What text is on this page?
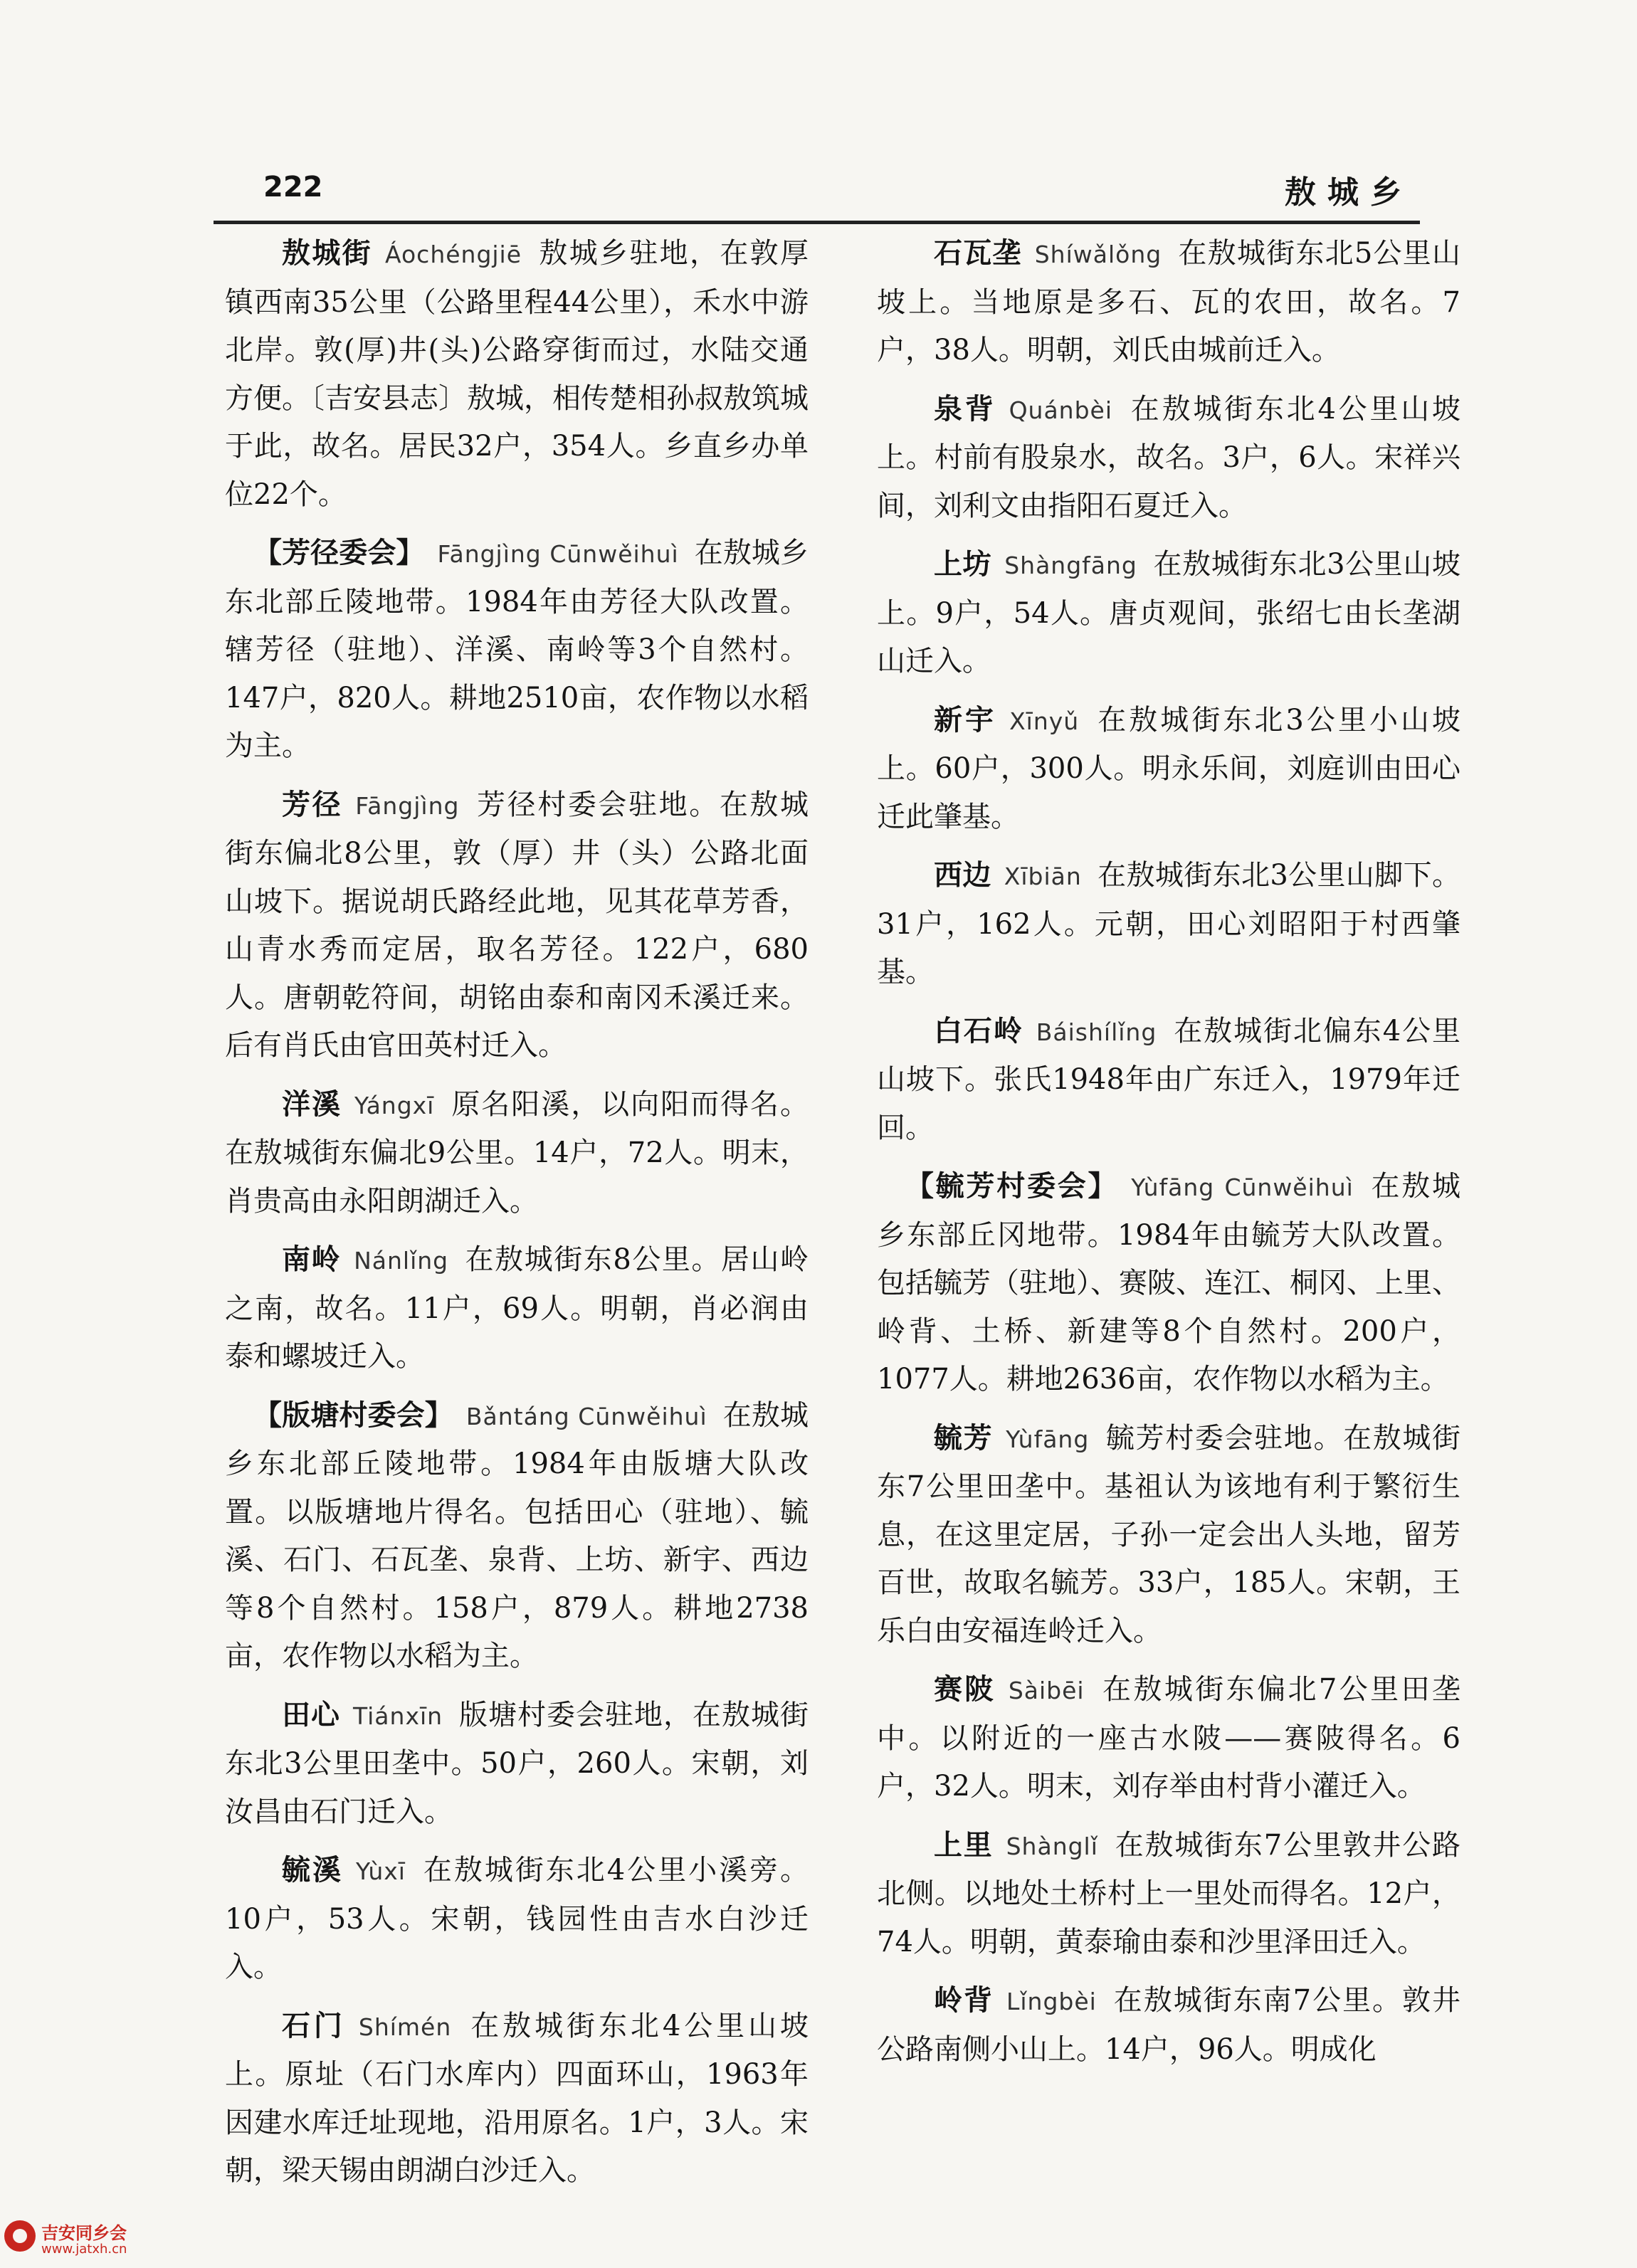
222	敖城乡

敖城街 Áochéngjiē 敖城乡驻地，在敦厚镇西南35公里（公路里程44公里），禾水中游北岸。敦(厚)井(头)公路穿街而过，水陆交通方便。〔吉安县志〕敖城，相传楚相孙叔敖筑城于此，故名。居民32户，354人。乡直乡办单位22个。

【芳径委会】 Fāngjìng Cūnwěihuì 在敖城乡东北部丘陵地带。1984年由芳径大队改置。辖芳径（驻地）、洋溪、南岭等3个自然村。147户，820人。耕地2510亩，农作物以水稻为主。

芳径 Fāngjìng 芳径村委会驻地。在敖城街东偏北8公里，敦（厚）井（头）公路北面山坡下。据说胡氏路经此地，见其花草芳香，山青水秀而定居，取名芳径。122户，680人。唐朝乾符间，胡铭由泰和南冈禾溪迁来。后有肖氏由官田英村迁入。

洋溪 Yángxī 原名阳溪，以向阳而得名。在敖城街东偏北9公里。14户，72人。明末，肖贵高由永阳朗湖迁入。

南岭 Nánlǐng 在敖城街东8公里。居山岭之南，故名。11户，69人。明朝，肖必润由泰和螺坡迁入。

【版塘村委会】 Bǎntáng Cūnwěihuì 在敖城乡东北部丘陵地带。1984年由版塘大队改置。以版塘地片得名。包括田心（驻地）、毓溪、石门、石瓦垄、泉背、上坊、新宇、西边等8个自然村。158户，879人。耕地2738亩，农作物以水稻为主。

田心 Tiánxīn 版塘村委会驻地，在敖城街东北3公里田垄中。50户，260人。宋朝，刘汝昌由石门迁入。

毓溪 Yùxī 在敖城街东北4公里小溪旁。10户，53人。宋朝，钱园性由吉水白沙迁入。

石门 Shímén 在敖城街东北4公里山坡上。原址（石门水库内）四面环山，1963年因建水库迁址现地，沿用原名。1户，3人。宋朝，梁天锡由朗湖白沙迁入。

石瓦垄 Shíwǎlǒng 在敖城街东北5公里山坡上。当地原是多石、瓦的农田，故名。7户，38人。明朝，刘氏由城前迁入。

泉背 Quánbèi 在敖城街东北4公里山坡上。村前有股泉水，故名。3户，6人。宋祥兴间，刘利文由指阳石夏迁入。

上坊 Shàngfāng 在敖城街东北3公里山坡上。9户，54人。唐贞观间，张绍七由长垄湖山迁入。

新宇 Xīnyǔ 在敖城街东北3公里小山坡上。60户，300人。明永乐间，刘庭训由田心迁此肇基。

西边 Xībiān 在敖城街东北3公里山脚下。31户，162人。元朝，田心刘昭阳于村西肇基。

白石岭 Báishílǐng 在敖城街北偏东4公里山坡下。张氏1948年由广东迁入，1979年迁回。

【毓芳村委会】 Yùfāng Cūnwěihuì 在敖城乡东部丘冈地带。1984年由毓芳大队改置。包括毓芳（驻地）、赛陂、连江、桐冈、上里、岭背、土桥、新建等8个自然村。200户，1077人。耕地2636亩，农作物以水稻为主。

毓芳 Yùfāng 毓芳村委会驻地。在敖城街东7公里田垄中。基祖认为该地有利于繁衍生息，在这里定居，子孙一定会出人头地，留芳百世，故取名毓芳。33户，185人。宋朝，王乐白由安福连岭迁入。

赛陂 Sàibēi 在敖城街东偏北7公里田垄中。以附近的一座古水陂——赛陂得名。6户，32人。明末，刘存举由村背小灌迁入。

上里 Shànglǐ 在敖城街东7公里敦井公路北侧。以地处土桥村上一里处而得名。12户，74人。明朝，黄泰瑜由泰和沙里泽田迁入。

岭背 Lǐngbèi 在敖城街东南7公里。敦井公路南侧小山上。14户，96人。明成化

吉安同乡会
www.jatxh.cn
